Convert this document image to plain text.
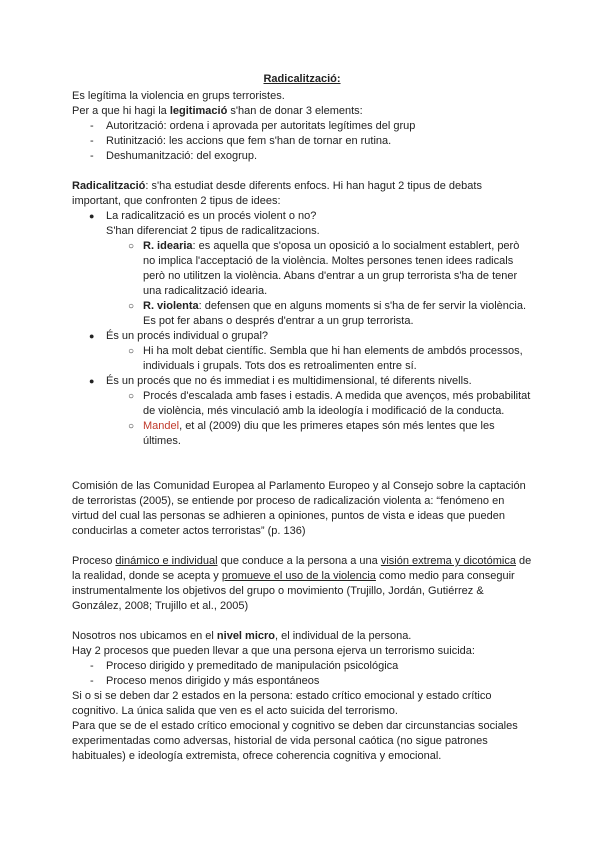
Radicalització:

Es legítima la violencia en grups terroristes.

Per a que hi hagi la legitimació s'han de donar 3 elements:

- Autorització: ordena i aprovada per autoritats legítimes del grup
- Rutinització: les accions que fem s'han de tornar en rutina.
- Deshumanització: del exogrup.

Radicalització: s'ha estudiat desde diferents enfocs. Hi han hagut 2 tipus de debats important, que confronten 2 tipus de idees:

● La radicalització es un procés violent o no?
S'han diferenciat 2 tipus de radicalitzacions.
○ R. idearia: es aquella que s'oposa un oposició a lo socialment establert, però no implica l'acceptació de la violència. Moltes persones tenen idees radicals però no utilitzen la violència. Abans d'entrar a un grup terrorista s'ha de tener una radicalització idearia.
○ R. violenta: defensen que en alguns moments si s'ha de fer servir la violència. Es pot fer abans o després d'entrar a un grup terrorista.
● És un procés individual o grupal?
○ Hi ha molt debat científic. Sembla que hi han elements de ambdós processos, individuals i grupals. Tots dos es retroalimenten entre sí.
● És un procés que no és immediat i es multidimensional, té diferents nivells.
○ Procés d'escalada amb fases i estadis. A medida que avenços, més probabilitat de violència, més vinculació amb la ideología i modificació de la conducta.
○ Mandel, et al (2009) diu que les primeres etapes són més lentes que les últimes.

Comisión de las Comunidad Europea al Parlamento Europeo y al Consejo sobre la captación de terroristas (2005), se entiende por proceso de radicalización violenta a: “fenómeno en virtud del cual las personas se adhieren a opiniones, puntos de vista e ideas que pueden conducirlas a cometer actos terroristas” (p. 136)

Proceso dinámico e individual que conduce a la persona a una visión extrema y dicotómica de la realidad, donde se acepta y promueve el uso de la violencia como medio para conseguir instrumentalmente los objetivos del grupo o movimiento (Trujillo, Jordán, Gutiérrez & González, 2008; Trujillo et al., 2005)

Nosotros nos ubicamos en el nivel micro, el individual de la persona.

Hay 2 procesos que pueden llevar a que una persona ejerva un terrorismo suicida:

- Proceso dirigido y premeditado de manipulación psicológica
- Proceso menos dirigido y más espontáneos

Si o si se deben dar 2 estados en la persona: estado crítico emocional y estado crítico cognitivo. La única salida que ven es el acto suicida del terrorismo.

Para que se de el estado crítico emocional y cognitivo se deben dar circunstancias sociales experimentadas como adversas, historial de vida personal caótica (no sigue patrones habituales) e ideología extremista, ofrece coherencia cognitiva y emocional.
